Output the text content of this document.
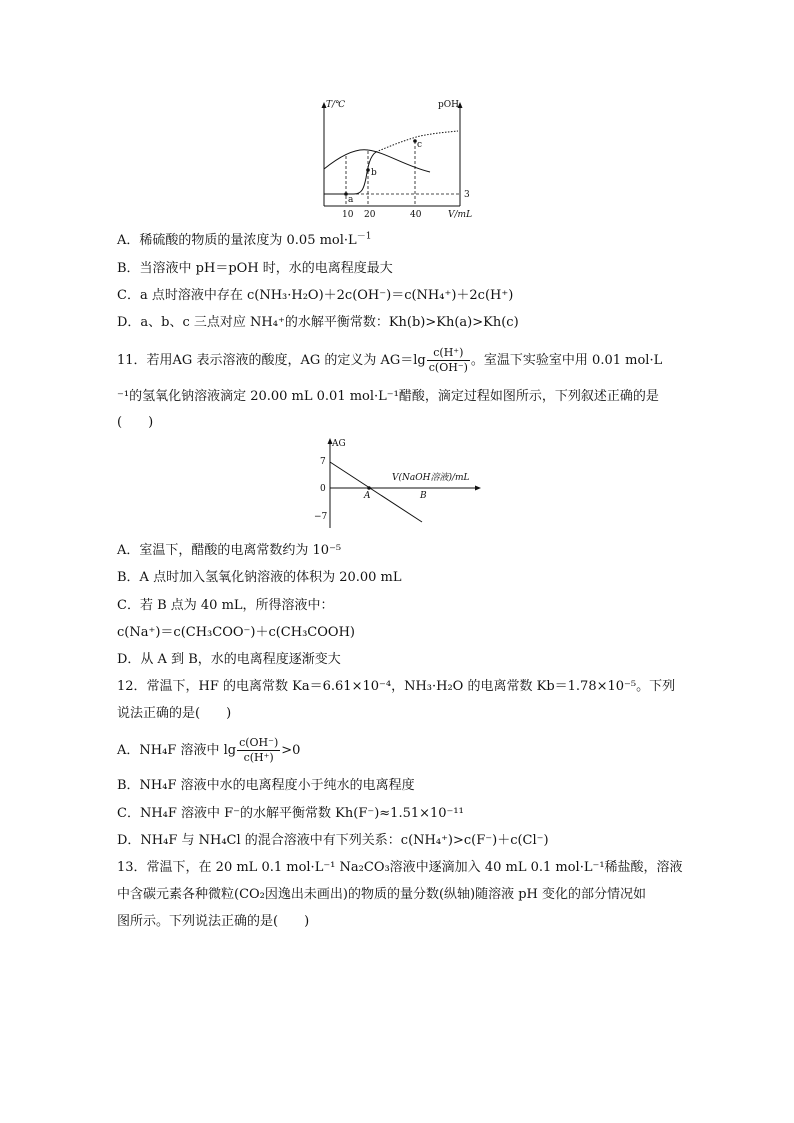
T/℃	pOH
V/mL
10 20	40
3
a
b
c
A．稀硫酸的物质的量浓度为 0.05 $mol\cdot L^{-1}$
B．当溶液中 pH＝pOH 时，水的电离程度最大
C．a 点时溶液中存在 c(NH₃·H₂O)＋2c(OH⁻)＝c(NH₄⁺)＋2c(H⁺)
D．a、b、c 三点对应 NH₄⁺的水解平衡常数：Kh(b)>Kh(a)>Kh(c)
11．若用AG 表示溶液的酸度，AG 的定义为 $AG=\lg \frac{c(H^+)}{c(OH^-)}$ 。室温下实验室中用 0.01 mol·L
⁻¹的氢氧化钠溶液滴定 20.00 mL 0.01 mol·L⁻¹醋酸，滴定过程如图所示，下列叙述正确的是
(　　)
AG
V(NaOH溶液)/mL
7
0
−7
A	B
A．室温下，醋酸的电离常数约为 10⁻⁵
B．A 点时加入氢氧化钠溶液的体积为 20.00 mL
C．若 B 点为 40 mL，所得溶液中：
c(Na⁺)＝c(CH₃COO⁻)＋c(CH₃COOH)
D．从 A 到 B，水的电离程度逐渐变大
12．常温下，HF 的电离常数 Ka＝6.61×10⁻⁴，NH₃·H₂O 的电离常数 Kb＝1.78×10⁻⁵。下列
说法正确的是(　　)
A．NH₄F 溶液中 $\lg \frac{c(OH^-)}{c(H^+)} >0$
B．NH₄F 溶液中水的电离程度小于纯水的电离程度
C．NH₄F 溶液中 F⁻的水解平衡常数 Kh(F⁻)≈1.51×10⁻¹¹
D．NH₄F 与 NH₄Cl 的混合溶液中有下列关系：c(NH₄⁺)>c(F⁻)＋c(Cl⁻)
13．常温下，在 20 mL 0.1 mol·L⁻¹ Na₂CO₃溶液中逐滴加入 40 mL 0.1 mol·L⁻¹稀盐酸，溶液
中含碳元素各种微粒(CO₂因逸出未画出)的物质的量分数(纵轴)随溶液 pH 变化的部分情况如
图所示。下列说法正确的是(　　)
